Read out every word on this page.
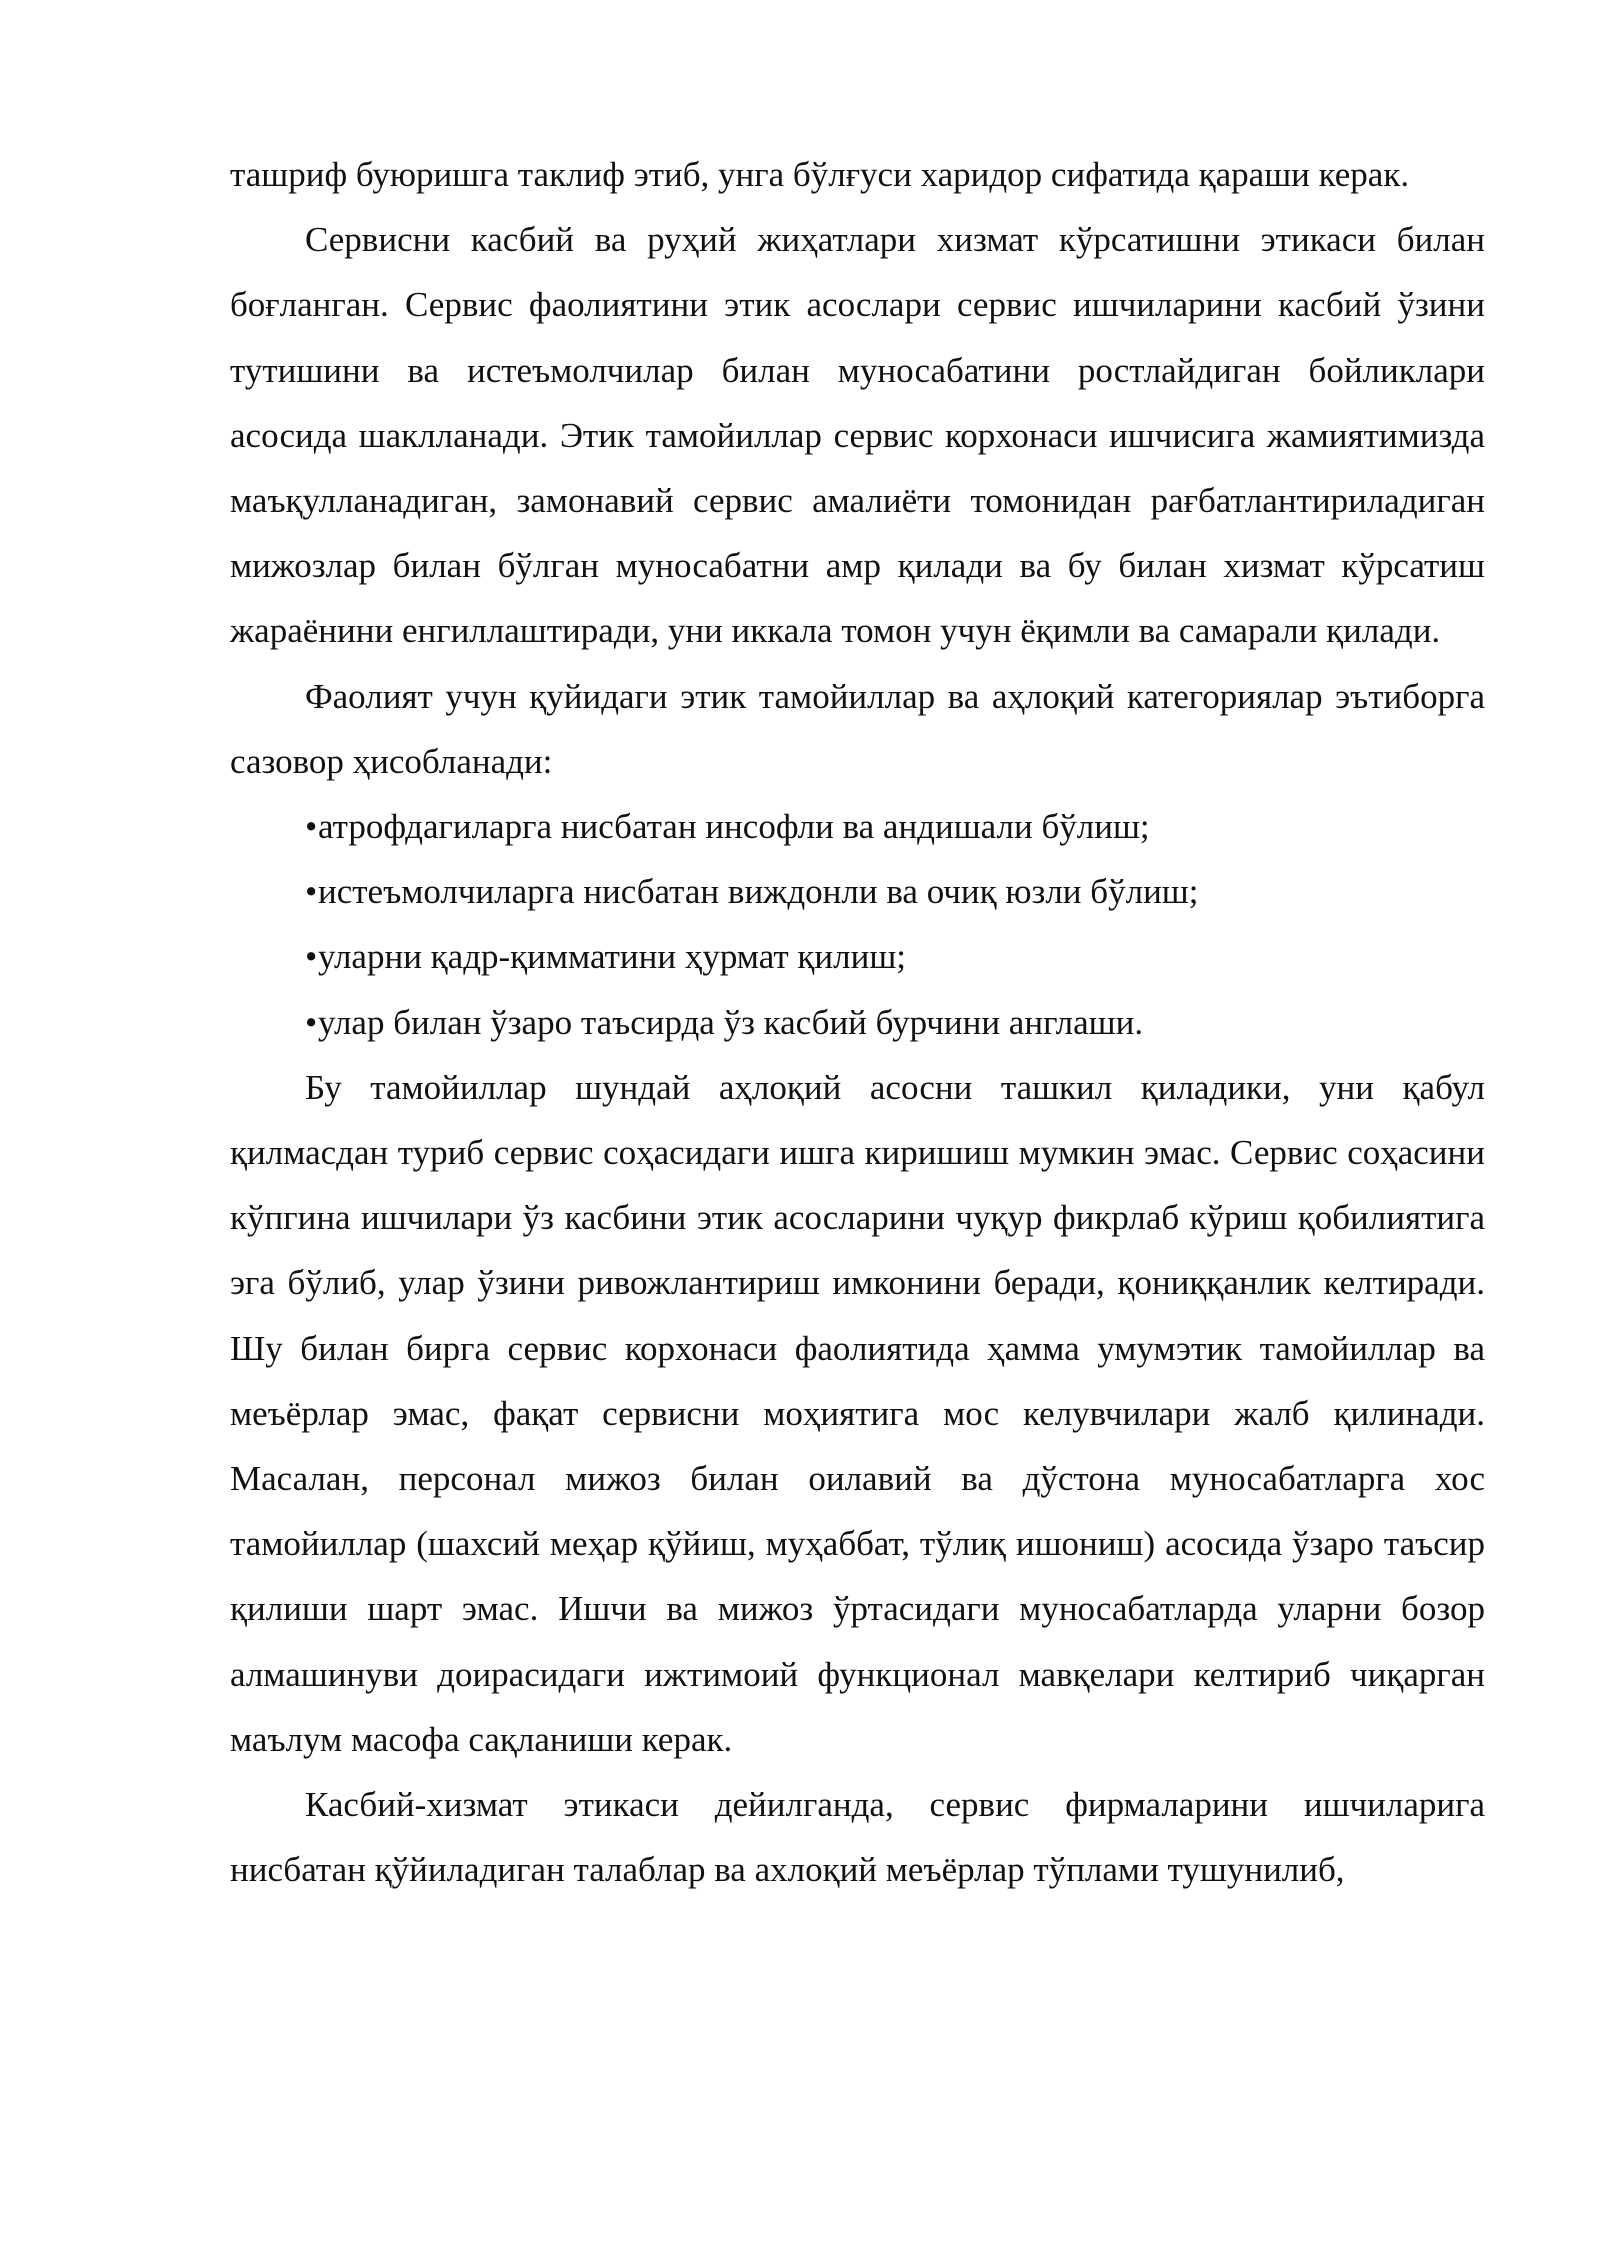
ташриф буюришга таклиф этиб, унга бўлғуси харидор сифатида қараши керак.

Сервисни касбий ва руҳий жиҳатлари хизмат кўрсатишни этикаси билан боғланган. Сервис фаолиятини этик асослари сервис ишчиларини касбий ўзини тутишини ва истеъмолчилар билан муносабатини ростлайдиган бойликлари асосида шаклланади. Этик тамойиллар сервис корхонаси ишчисига жамиятимизда маъқулланадиган, замонавий сервис амалиёти томонидан рағбатлантириладиган мижозлар билан бўлган муносабатни амр қилади ва бу билан хизмат кўрсатиш жараёнини енгиллаштиради, уни иккала томон учун ёқимли ва самарали қилади.

Фаолият учун қуйидаги этик тамойиллар ва аҳлоқий категориялар эътиборга сазовор ҳисобланади:

•атрофдагиларга нисбатан инсофли ва андишали бўлиш;
•истеъмолчиларга нисбатан виждонли ва очиқ юзли бўлиш;
•уларни қадр-қимматини ҳурмат қилиш;
•улар билан ўзаро таъсирда ўз касбий бурчини англаши.

Бу тамойиллар шундай аҳлоқий асосни ташкил қиладики, уни қабул қилмасдан туриб сервис соҳасидаги ишга киришиш мумкин эмас. Сервис соҳасини кўпгина ишчилари ўз касбини этик асосларини чуқур фикрлаб кўриш қобилиятига эга бўлиб, улар ўзини ривожлантириш имконини беради, қониққанлик келтиради. Шу билан бирга сервис корхонаси фаолиятида ҳамма умумэтик тамойиллар ва меъёрлар эмас, фақат сервисни моҳиятига мос келувчилари жалб қилинади. Масалан, персонал мижоз билан оилавий ва дўстона муносабатларга хос тамойиллар (шахсий меҳар қўйиш, муҳаббат, тўлиқ ишониш) асосида ўзаро таъсир қилиши шарт эмас. Ишчи ва мижоз ўртасидаги муносабатларда уларни бозор алмашинуви доирасидаги ижтимоий функционал мавқелари келтириб чиқарган маълум масофа сақланиши керак.

Касбий-хизмат этикаси дейилганда, сервис фирмаларини ишчиларига нисбатан қўйиладиган талаблар ва ахлоқий меъёрлар тўплами тушунилиб,
